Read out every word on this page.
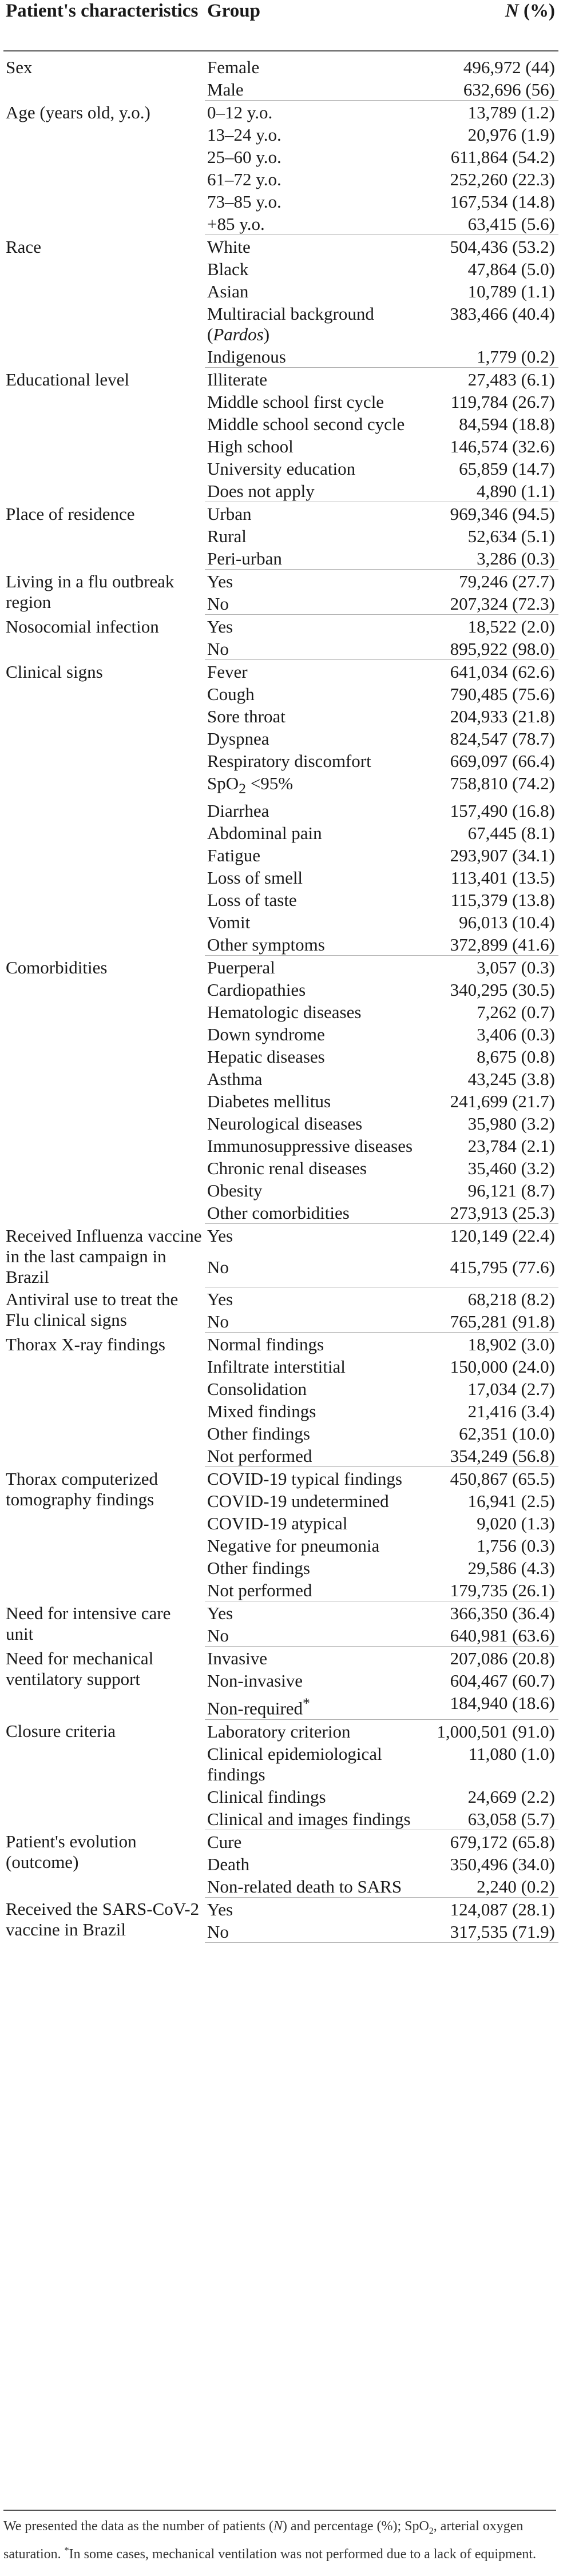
Patient's characteristics	Group	N (%)
Sex	Female	496,972 (44)
	Male	632,696 (56)
Age (years old, y.o.)	0–12 y.o.	13,789 (1.2)
	13–24 y.o.	20,976 (1.9)
	25–60 y.o.	611,864 (54.2)
	61–72 y.o.	252,260 (22.3)
	73–85 y.o.	167,534 (14.8)
	+85 y.o.	63,415 (5.6)
Race	White	504,436 (53.2)
	Black	47,864 (5.0)
	Asian	10,789 (1.1)
	Multiracial background (Pardos)	383,466 (40.4)
	Indigenous	1,779 (0.2)
Educational level	Illiterate	27,483 (6.1)
	Middle school first cycle	119,784 (26.7)
	Middle school second cycle	84,594 (18.8)
	High school	146,574 (32.6)
	University education	65,859 (14.7)
	Does not apply	4,890 (1.1)
Place of residence	Urban	969,346 (94.5)
	Rural	52,634 (5.1)
	Peri-urban	3,286 (0.3)
Living in a flu outbreak region	Yes	79,246 (27.7)
	No	207,324 (72.3)
Nosocomial infection	Yes	18,522 (2.0)
	No	895,922 (98.0)
Clinical signs	Fever	641,034 (62.6)
	Cough	790,485 (75.6)
	Sore throat	204,933 (21.8)
	Dyspnea	824,547 (78.7)
	Respiratory discomfort	669,097 (66.4)
	SpO$_2$ <95%	758,810 (74.2)
	Diarrhea	157,490 (16.8)
	Abdominal pain	67,445 (8.1)
	Fatigue	293,907 (34.1)
	Loss of smell	113,401 (13.5)
	Loss of taste	115,379 (13.8)
	Vomit	96,013 (10.4)
	Other symptoms	372,899 (41.6)
Comorbidities	Puerperal	3,057 (0.3)
	Cardiopathies	340,295 (30.5)
	Hematologic diseases	7,262 (0.7)
	Down syndrome	3,406 (0.3)
	Hepatic diseases	8,675 (0.8)
	Asthma	43,245 (3.8)
	Diabetes mellitus	241,699 (21.7)
	Neurological diseases	35,980 (3.2)
	Immunosuppressive diseases	23,784 (2.1)
	Chronic renal diseases	35,460 (3.2)
	Obesity	96,121 (8.7)
	Other comorbidities	273,913 (25.3)
Received Influenza vaccine in the last campaign in Brazil	Yes	120,149 (22.4)
	No	415,795 (77.6)
Antiviral use to treat the Flu clinical signs	Yes	68,218 (8.2)
	No	765,281 (91.8)
Thorax X-ray findings	Normal findings	18,902 (3.0)
	Infiltrate interstitial	150,000 (24.0)
	Consolidation	17,034 (2.7)
	Mixed findings	21,416 (3.4)
	Other findings	62,351 (10.0)
	Not performed	354,249 (56.8)
Thorax computerized tomography findings	COVID-19 typical findings	450,867 (65.5)
	COVID-19 undetermined	16,941 (2.5)
	COVID-19 atypical	9,020 (1.3)
	Negative for pneumonia	1,756 (0.3)
	Other findings	29,586 (4.3)
	Not performed	179,735 (26.1)
Need for intensive care unit	Yes	366,350 (36.4)
	No	640,981 (63.6)
Need for mechanical ventilatory support	Invasive	207,086 (20.8)
	Non-invasive	604,467 (60.7)
	Non-required*	184,940 (18.6)
Closure criteria	Laboratory criterion	1,000,501 (91.0)
	Clinical epidemiological findings	11,080 (1.0)
	Clinical findings	24,669 (2.2)
	Clinical and images findings	63,058 (5.7)
Patient's evolution (outcome)	Cure	679,172 (65.8)
	Death	350,496 (34.0)
	Non-related death to SARS	2,240 (0.2)
Received the SARS-CoV-2 vaccine in Brazil	Yes	124,087 (28.1)
	No	317,535 (71.9)
We presented the data as the number of patients (N) and percentage (%); SpO$_2$, arterial oxygen saturation. *In some cases, mechanical ventilation was not performed due to a lack of equipment.
